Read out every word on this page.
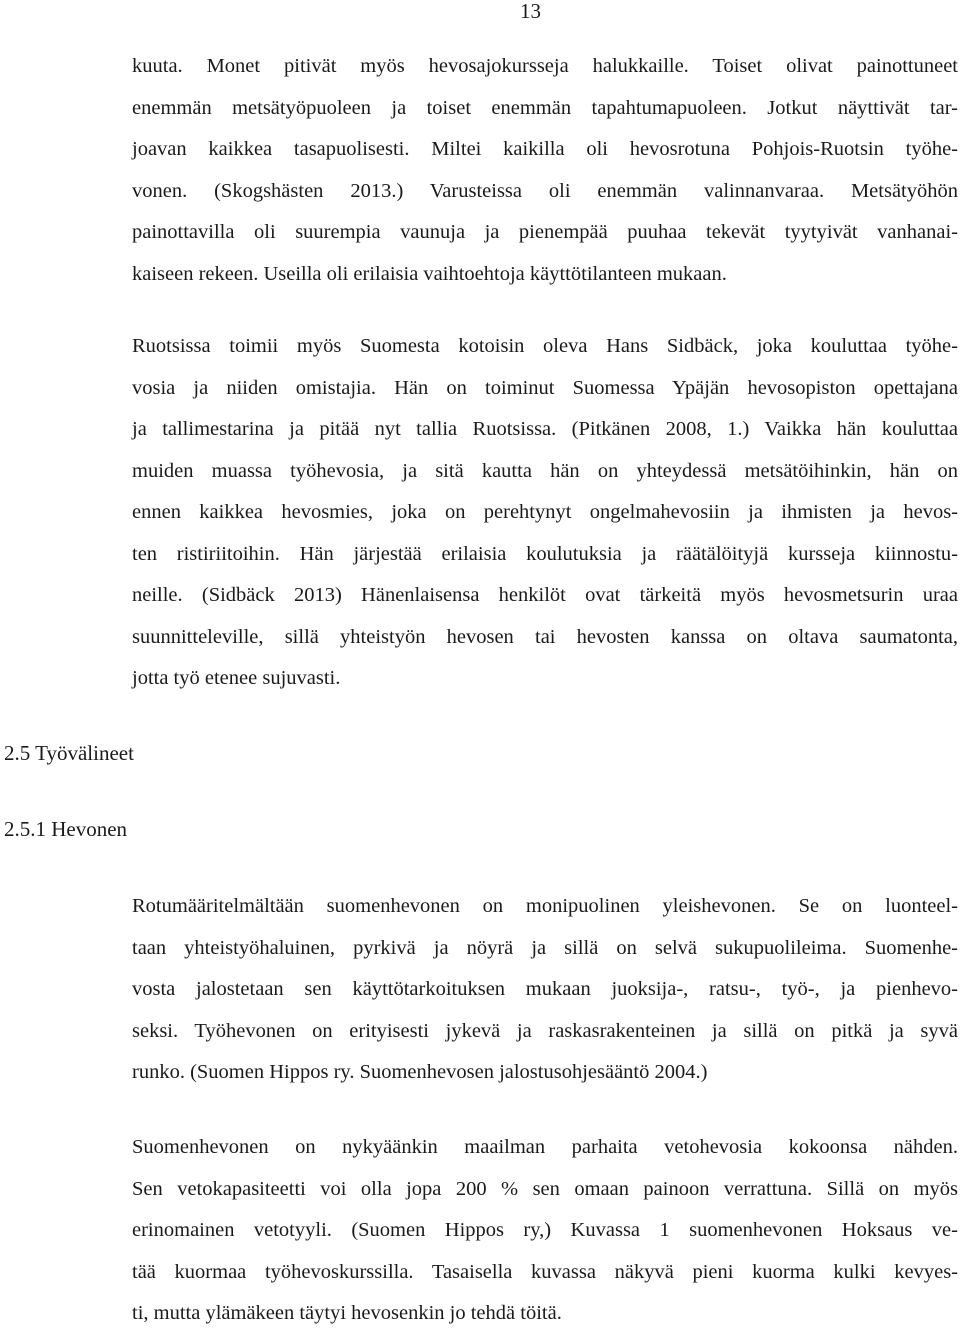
13
kuuta. Monet pitivät myös hevosajokursseja halukkaille. Toiset olivat painottuneet
enemmän metsätyöpuoleen ja toiset enemmän tapahtumapuoleen. Jotkut näyttivät tar-
joavan kaikkea tasapuolisesti. Miltei kaikilla oli hevosrotuna Pohjois-Ruotsin työhe-
vonen. (Skogshästen 2013.) Varusteissa oli enemmän valinnanvaraa. Metsätyöhön
painottavilla oli suurempia vaunuja ja pienempää puuhaa tekevät tyytyivät vanhanai-
kaiseen rekeen. Useilla oli erilaisia vaihtoehtoja käyttötilanteen mukaan.
Ruotsissa toimii myös Suomesta kotoisin oleva Hans Sidbäck, joka kouluttaa työhe-
vosia ja niiden omistajia. Hän on toiminut Suomessa Ypäjän hevosopiston opettajana
ja tallimestarina ja pitää nyt tallia Ruotsissa. (Pitkänen 2008, 1.) Vaikka hän kouluttaa
muiden muassa työhevosia, ja sitä kautta hän on yhteydessä metsätöihinkin, hän on
ennen kaikkea hevosmies, joka on perehtynyt ongelmahevosiin ja ihmisten ja hevos-
ten ristiriitoihin. Hän järjestää erilaisia koulutuksia ja räätälöityjä kursseja kiinnostu-
neille. (Sidbäck 2013) Hänenlaisensa henkilöt ovat tärkeitä myös hevosmetsurin uraa
suunnitteleville, sillä yhteistyön hevosen tai hevosten kanssa on oltava saumatonta,
jotta työ etenee sujuvasti.
2.5 Työvälineet
2.5.1 Hevonen
Rotumääritelmältään suomenhevonen on monipuolinen yleishevonen. Se on luonteel-
taan yhteistyöhaluinen, pyrkivä ja nöyrä ja sillä on selvä sukupuolileima. Suomenhe-
vosta jalostetaan sen käyttötarkoituksen mukaan juoksija-, ratsu-, työ-, ja pienhevo-
seksi. Työhevonen on erityisesti jykevä ja raskasrakenteinen ja sillä on pitkä ja syvä
runko. (Suomen Hippos ry. Suomenhevosen jalostusohjesääntö 2004.)
Suomenhevonen on nykyäänkin maailman parhaita vetohevosia kokoonsa nähden.
Sen vetokapasiteetti voi olla jopa 200 % sen omaan painoon verrattuna. Sillä on myös
erinomainen vetotyyli. (Suomen Hippos ry,) Kuvassa 1 suomenhevonen Hoksaus ve-
tää kuormaa työhevoskurssilla. Tasaisella kuvassa näkyvä pieni kuorma kulki kevyes-
ti, mutta ylämäkeen täytyi hevosenkin jo tehdä töitä.
